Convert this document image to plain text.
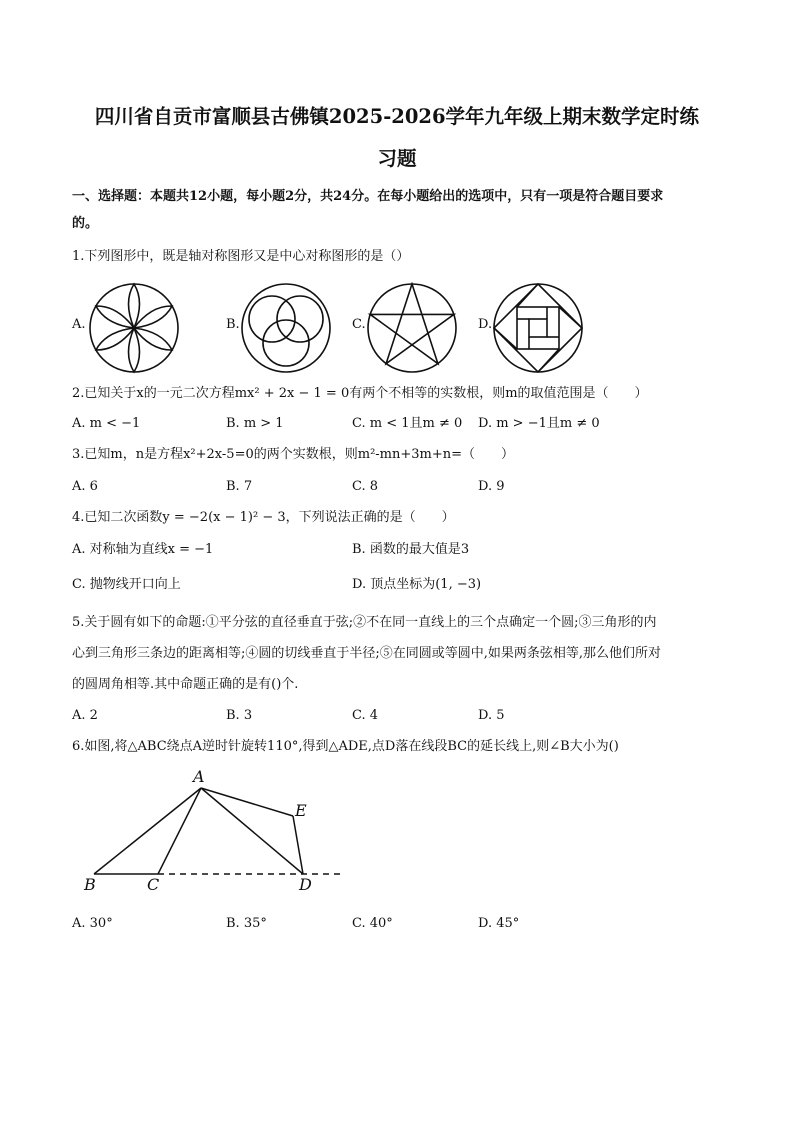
四川省自贡市富顺县古佛镇2025-2026学年九年级上期末数学定时练
习题
一、选择题：本题共12小题，每小题2分，共24分。在每小题给出的选项中，只有一项是符合题目要求
的。
1.下列图形中，既是轴对称图形又是中心对称图形的是（）
A.	B.	C.	D.
2.已知关于x的一元二次方程mx² + 2x − 1 = 0有两个不相等的实数根，则m的取值范围是（　　）
A. m < −1	B. m > 1	C. m < 1且m ≠ 0 D. m > −1且m ≠ 0
3.已知m，n是方程x²+2x-5=0的两个实数根，则m²-mn+3m+n=（　　）
A. 6	B. 7	C. 8	D. 9
4.已知二次函数y = −2(x − 1)² − 3，下列说法正确的是（　　）
A. 对称轴为直线x = −1	B. 函数的最大值是3
C. 抛物线开口向上	D. 顶点坐标为(1, −3)
5.关于圆有如下的命题:①平分弦的直径垂直于弦;②不在同一直线上的三个点确定一个圆;③三角形的内
心到三角形三条边的距离相等;④圆的切线垂直于半径;⑤在同圆或等圆中,如果两条弦相等,那么他们所对
的圆周角相等.其中命题正确的是有()个.
A. 2	B. 3	C. 4	D. 5
6.如图,将△ABC绕点A逆时针旋转110°,得到△ADE,点D落在线段BC的延长线上,则∠B大小为()
A
B	C	D
E
A. 30°	B. 35°	C. 40°	D. 45°
